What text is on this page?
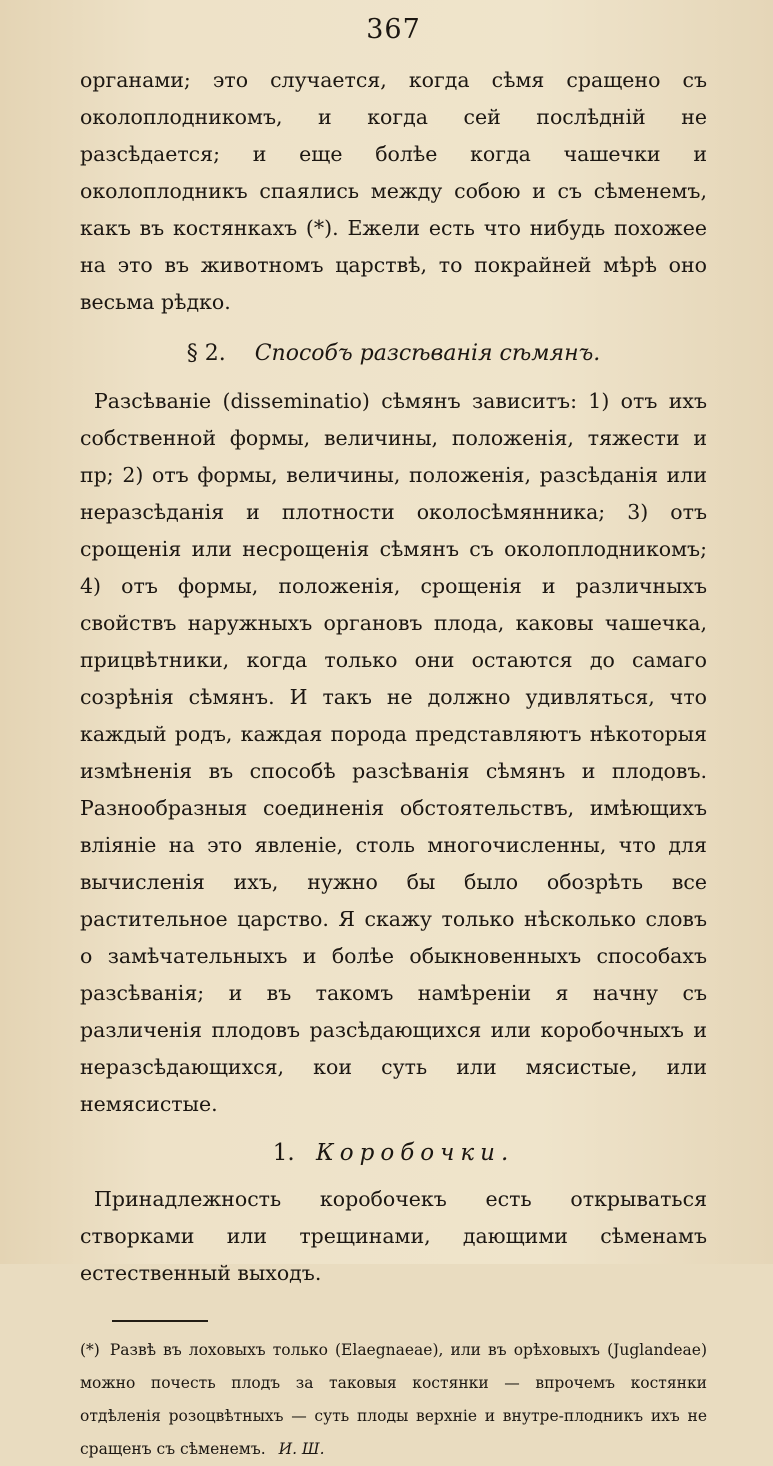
367

органами; это случается, когда сѣмя сращено съ околоплодникомъ, и когда сей послѣдній не разсѣдается; и еще болѣе когда чашечки и околоплодникъ спаялись между собою и съ сѣменемъ, какъ въ костянкахъ (*). Ежели есть что нибудь похожее на это въ животномъ царствѣ, то покрайней мѣрѣ оно весьма рѣдко.

§ 2. Способъ разсѣванія сѣмянъ.

Разсѣваніе (disseminatio) сѣмянъ зависитъ: 1) отъ ихъ собственной формы, величины, положенія, тяжести и пр; 2) отъ формы, величины, положенія, разсѣданія или неразсѣданія и плотности околосѣмянника; 3) отъ срощенія или несрощенія сѣмянъ съ околоплодникомъ; 4) отъ формы, положенія, срощенія и различныхъ свойствъ наружныхъ органовъ плода, каковы чашечка, прицвѣтники, когда только они остаются до самаго созрѣнія сѣмянъ. И такъ не должно удивляться, что каждый родъ, каждая порода представляютъ нѣкоторыя измѣненія въ способѣ разсѣванія сѣмянъ и плодовъ. Разнообразныя соединенія обстоятельствъ, имѣющихъ вліяніе на это явленіе, столь многочисленны, что для вычисленія ихъ, нужно бы было обозрѣть все растительное царство. Я скажу только нѣсколько словъ о замѣчательныхъ и болѣе обыкновенныхъ способахъ разсѣванія; и въ такомъ намѣреніи я начну съ различенія плодовъ разсѣдающихся или коробочныхъ и неразсѣдающихся, кои суть или мясистые, или немясистые.

1. Коробочки.

Принадлежность коробочекъ есть открываться створками или трещинами, дающими сѣменамъ естественный выходъ.

(*) Развѣ въ лоховыхъ только (Elaegnaeae), или въ орѣховыхъ (Juglandeae) можно почесть плодъ за таковыя костянки — впрочемъ костянки отдѣленія розоцвѣтныхъ — суть плоды верхніе и внутре-плодникъ ихъ не сращенъ съ сѣменемъ. И. Ш.
